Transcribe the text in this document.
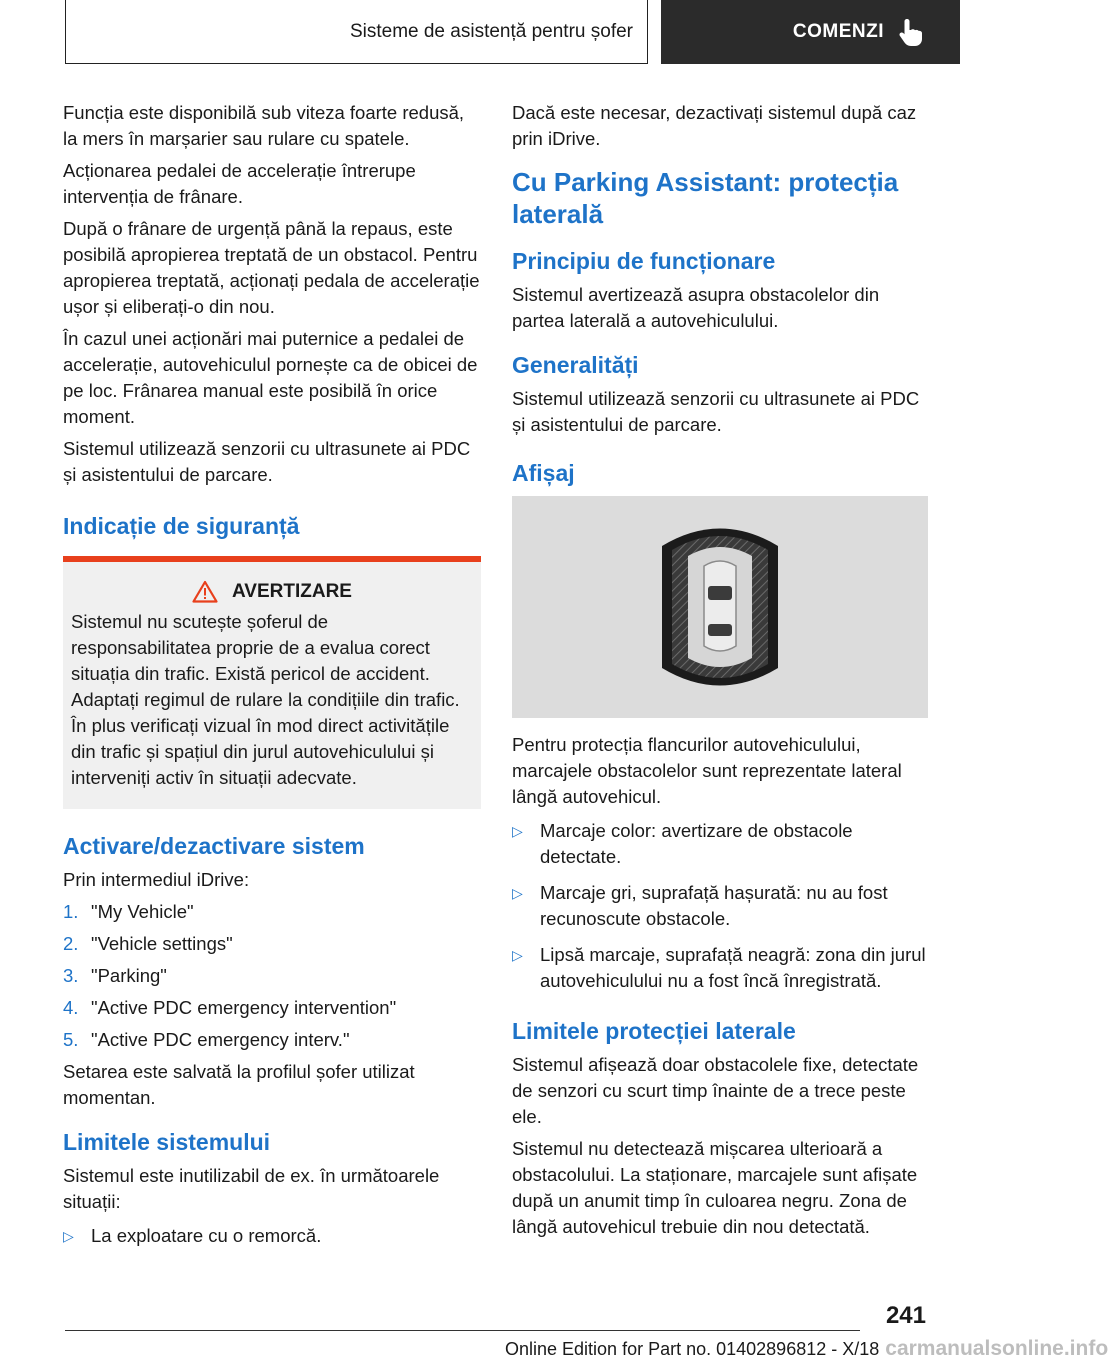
Sisteme de asistență pentru șofer	COMENZI

Funcția este disponibilă sub viteza foarte redusă, la mers în marșarier sau rulare cu spatele.

Acționarea pedalei de accelerație întrerupe intervenția de frânare.

După o frânare de urgență până la repaus, este posibilă apropierea treptată de un obstacol. Pentru apropierea treptată, acționați pedala de accelerație ușor și eliberați-o din nou.

În cazul unei acționări mai puternice a pedalei de accelerație, autovehiculul pornește ca de obicei de pe loc. Frânarea manual este posibilă în orice moment.

Sistemul utilizează senzorii cu ultrasunete ai PDC și asistentului de parcare.

Indicație de siguranță
AVERTIZARE

Sistemul nu scutește șoferul de responsabilitatea proprie de a evalua corect situația din trafic. Există pericol de accident. Adaptați regimul de rulare la condițiile din trafic. În plus verificați vizual în mod direct activitățile din trafic și spațiul din jurul autovehiculului și interveniți activ în situații adecvate.

Activare/dezactivare sistem

Prin intermediul iDrive:

1. "My Vehicle"
2. "Vehicle settings"
3. "Parking"
4. "Active PDC emergency intervention"
5. "Active PDC emergency interv."

Setarea este salvată la profilul șofer utilizat momentan.

Limitele sistemului

Sistemul este inutilizabil de ex. în următoarele situații:

▷ La exploatare cu o remorcă.

Dacă este necesar, dezactivați sistemul după caz prin iDrive.

Cu Parking Assistant: protecția laterală
Principiu de funcționare

Sistemul avertizează asupra obstacolelor din partea laterală a autovehiculului.

Generalități

Sistemul utilizează senzorii cu ultrasunete ai PDC și asistentului de parcare.

Afișaj

Pentru protecția flancurilor autovehiculului, marcajele obstacolelor sunt reprezentate lateral lângă autovehicul.

▷ Marcaje color: avertizare de obstacole detectate.
▷ Marcaje gri, suprafață hașurată: nu au fost recunoscute obstacole.
▷ Lipsă marcaje, suprafață neagră: zona din jurul autovehiculului nu a fost încă înregistrată.
Limitele protecției laterale

Sistemul afișează doar obstacolele fixe, detectate de senzori cu scurt timp înainte de a trece peste ele.

Sistemul nu detectează mișcarea ulterioară a obstacolului. La staționare, marcajele sunt afișate după un anumit timp în culoarea negru. Zona de lângă autovehicul trebuie din nou detectată.

241
Online Edition for Part no. 01402896812 - X/18 carmanualsonline.info
